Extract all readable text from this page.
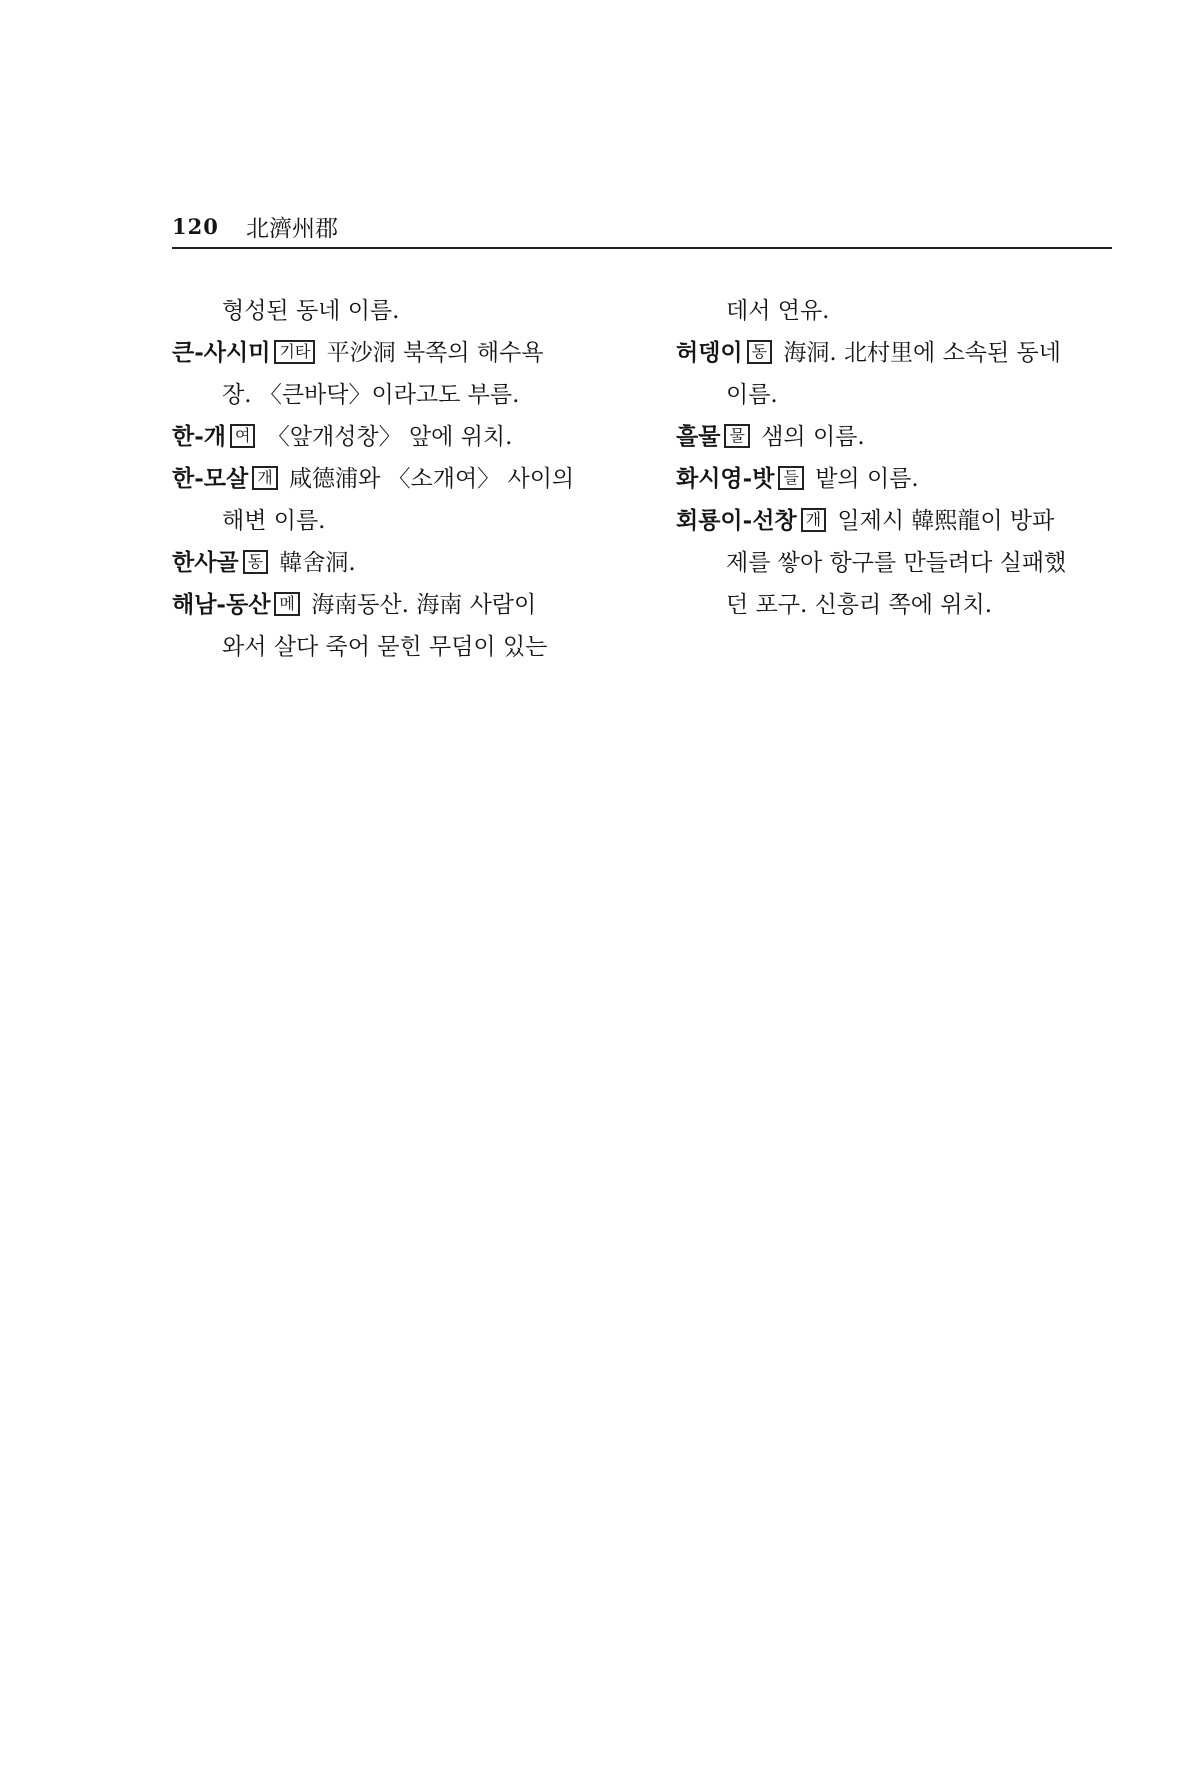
120 北濟州郡
형성된 동네 이름.
큰-사시미 기타 平沙洞 북쪽의 해수욕
장. 〈큰바닥〉이라고도 부름.
한-개 여 〈앞개성창〉 앞에 위치.
한-모살 개 咸德浦와 〈소개여〉 사이의
해변 이름.
한사골 동 韓舍洞.
해남-동산 메 海南동산. 海南 사람이
와서 살다 죽어 묻힌 무덤이 있는
데서 연유.
허뎅이 동 海洞. 北村里에 소속된 동네
이름.
흘물 물 샘의 이름.
화시영-밧 들 밭의 이름.
회룡이-선창 개 일제시 韓熙龍이 방파
제를 쌓아 항구를 만들려다 실패했
던 포구. 신흥리 쪽에 위치.
